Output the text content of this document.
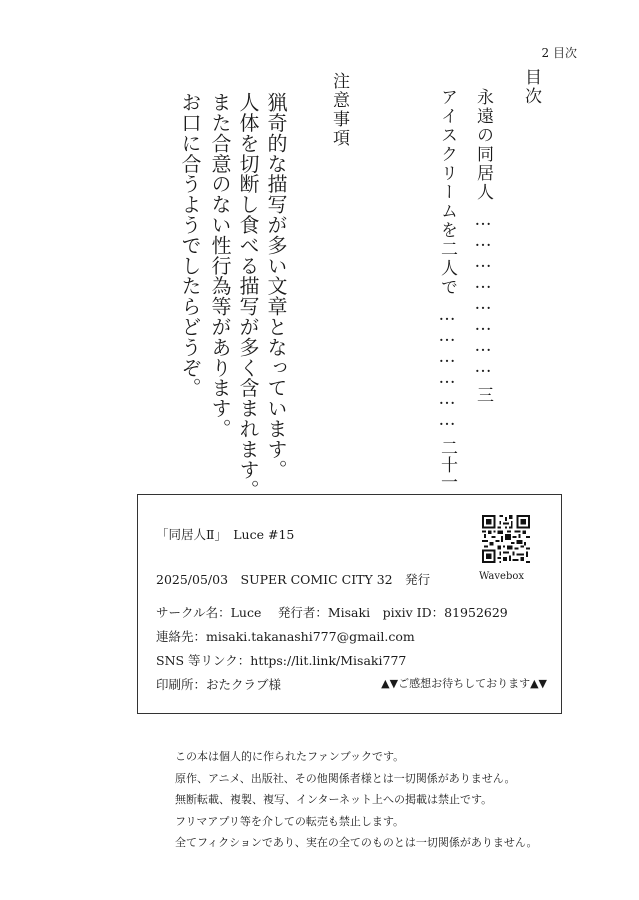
2 目次
目次
永遠の同居人
……………………
三
アイスクリームを二人で
………………
二十一
注意事項
猟奇的な描写が多い文章となっています。
人体を切断し食べる描写が多く含まれます。
また合意のない性行為等があります。
お口に合うようでしたらどうぞ。
「同居人Ⅱ」　Luce #15
2025/05/03　SUPER COMIC CITY 32　発行
サークル名：Luce　 発行者：Misaki　pixiv ID：81952629
連絡先：misaki.takanashi777@gmail.com
SNS 等リンク：https://lit.link/Misaki777
印刷所：おたクラブ様	▲▼ご感想お待ちしております▲▼
Wavebox
この本は個人的に作られたファンブックです。
原作、アニメ、出版社、その他関係者様とは一切関係がありません。
無断転載、複製、複写、インターネット上への掲載は禁止です。
フリマアプリ等を介しての転売も禁止します。
全てフィクションであり、実在の全てのものとは一切関係がありません。
